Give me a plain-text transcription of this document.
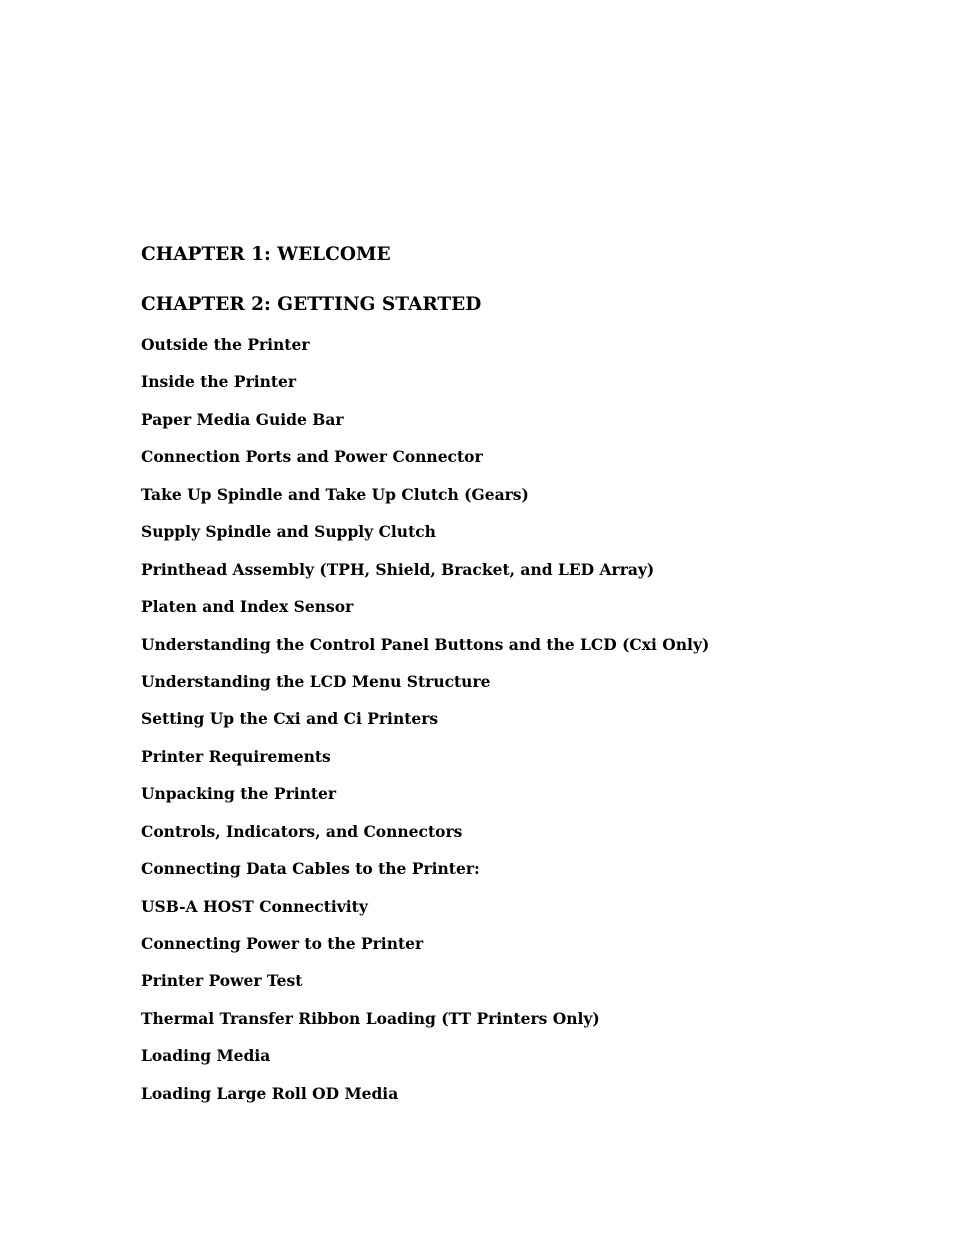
CHAPTER 1: WELCOME
CHAPTER 2: GETTING STARTED
Outside the Printer
Inside the Printer
Paper Media Guide Bar
Connection Ports and Power Connector
Take Up Spindle and Take Up Clutch (Gears)
Supply Spindle and Supply Clutch
Printhead Assembly (TPH, Shield, Bracket, and LED Array)
Platen and Index Sensor
Understanding the Control Panel Buttons and the LCD (Cxi Only)
Understanding the LCD Menu Structure
Setting Up the Cxi and Ci Printers
Printer Requirements
Unpacking the Printer
Controls, Indicators, and Connectors
Connecting Data Cables to the Printer:
USB-A HOST Connectivity
Connecting Power to the Printer
Printer Power Test
Thermal Transfer Ribbon Loading (TT Printers Only)
Loading Media
Loading Large Roll OD Media
